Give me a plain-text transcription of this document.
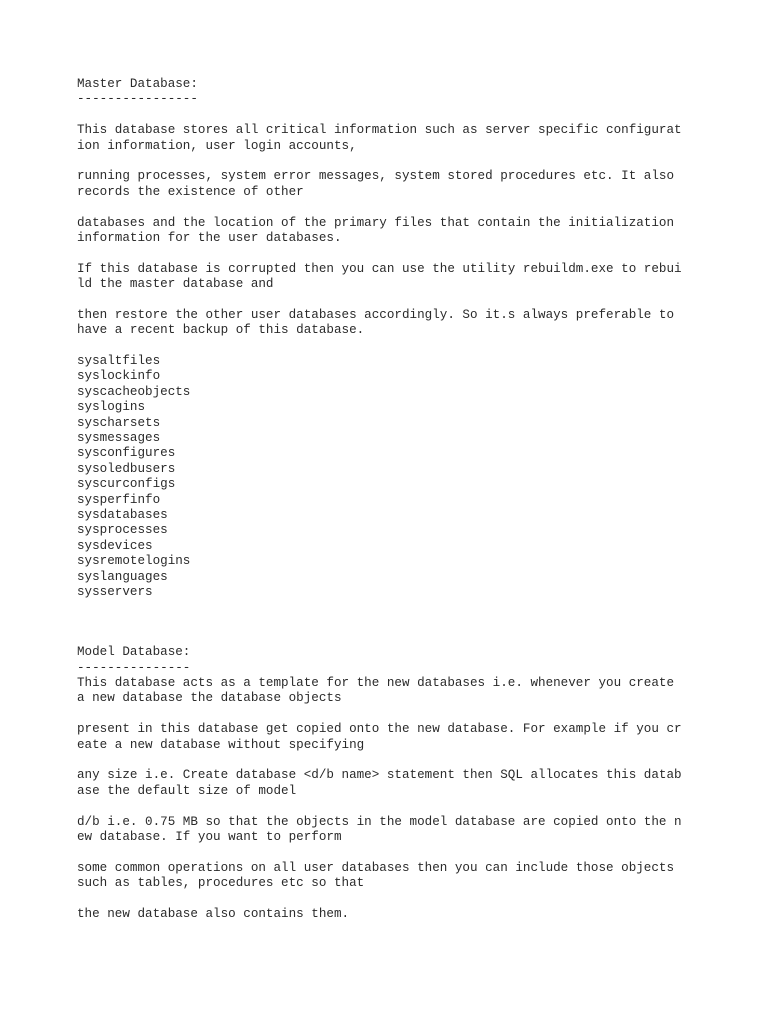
Master Database:
----------------
This database stores all critical information such as server specific configurat
ion information, user login accounts,
running processes, system error messages, system stored procedures etc. It also
records the existence of other
databases and the location of the primary files that contain the initialization
information for the user databases.
If this database is corrupted then you can use the utility rebuildm.exe to rebui
ld the master database and
then restore the other user databases accordingly. So it.s always preferable to
have a recent backup of this database.
sysaltfiles
syslockinfo
syscacheobjects
syslogins
syscharsets
sysmessages
sysconfigures
sysoledbusers
syscurconfigs
sysperfinfo
sysdatabases
sysprocesses
sysdevices
sysremotelogins
syslanguages
sysservers
Model Database:
---------------
This database acts as a template for the new databases i.e. whenever you create
a new database the database objects
present in this database get copied onto the new database. For example if you cr
eate a new database without specifying
any size i.e. Create database <d/b name> statement then SQL allocates this datab
ase the default size of model
d/b i.e. 0.75 MB so that the objects in the model database are copied onto the n
ew database. If you want to perform
some common operations on all user databases then you can include those objects
such as tables, procedures etc so that
the new database also contains them.
